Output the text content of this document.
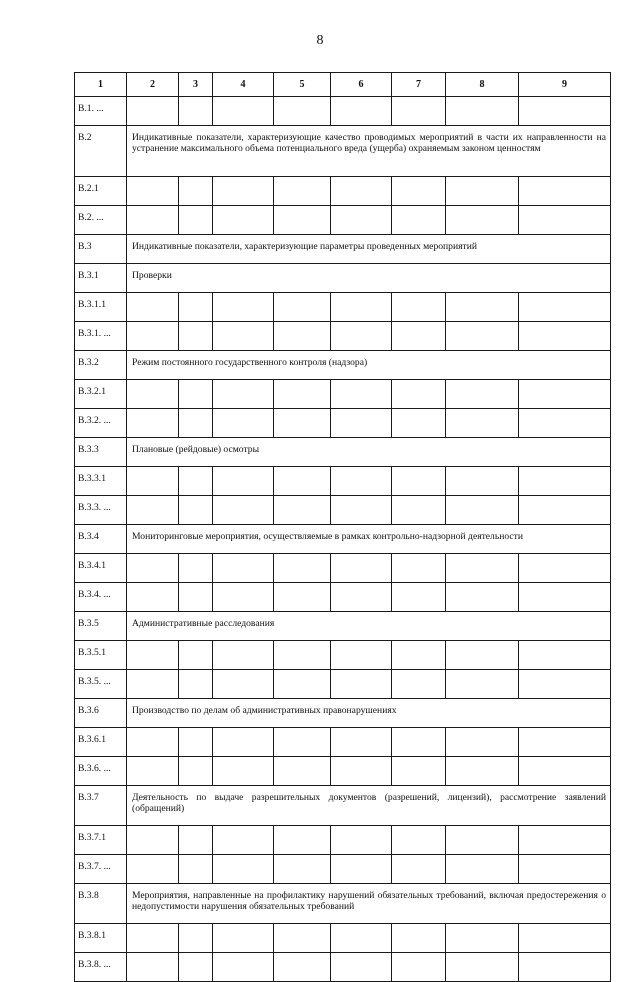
8
1	2	3	4	5	6	7	8	9
В.1. ...								
В.2	Индикативные показатели, характеризующие качество проводимых мероприятий в части их направленности на устранение максимального объема потенциального вреда (ущерба) охраняемым законом ценностям							
В.2.1								
В.2. ...								
В.3	Индикативные показатели, характеризующие параметры проведенных мероприятий							
В.3.1	Проверки							
В.3.1.1								
В.3.1. ...								
В.3.2	Режим постоянного государственного контроля (надзора)							
В.3.2.1								
В.3.2. ...								
В.3.3	Плановые (рейдовые) осмотры							
В.3.3.1								
В.3.3. ...								
В.3.4	Мониторинговые мероприятия, осуществляемые в рамках контрольно-надзорной деятельности							
В.3.4.1								
В.3.4. ...								
В.3.5	Административные расследования							
В.3.5.1								
В.3.5. ...								
В.3.6	Производство по делам об административных правонарушениях							
В.3.6.1								
В.3.6. ...								
В.3.7	Деятельность по выдаче разрешительных документов (разрешений, лицензий), рассмотрение заявлений (обращений)							
В.3.7.1								
В.3.7. ...								
В.3.8	Мероприятия, направленные на профилактику нарушений обязательных требований, включая предостережения о недопустимости нарушения обязательных требований							
В.3.8.1								
В.3.8. ...								
